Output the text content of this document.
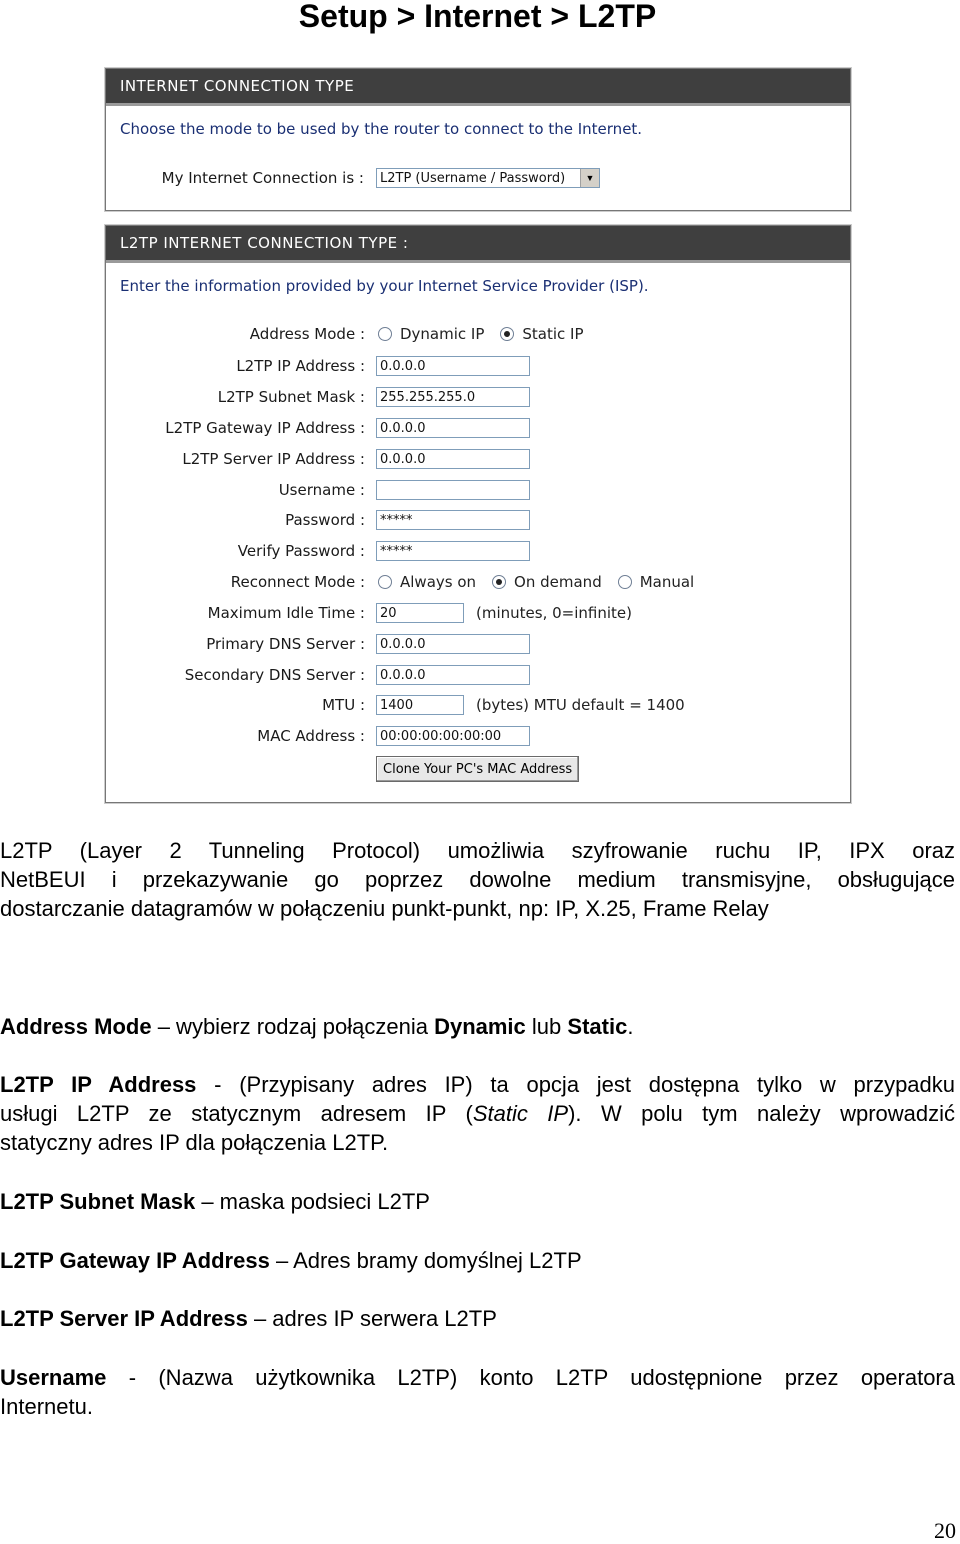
Setup > Internet > L2TP
INTERNET CONNECTION TYPE
Choose the mode to be used by the router to connect to the Internet.
My Internet Connection is : L2TP (Username / Password)	▼
L2TP INTERNET CONNECTION TYPE :
Enter the information provided by your Internet Service Provider (ISP).
Address Mode : Dynamic IP	Static IP
L2TP IP Address :	0.0.0.0
L2TP Subnet Mask :	255.255.255.0
L2TP Gateway IP Address :	0.0.0.0
L2TP Server IP Address :	0.0.0.0
Username :
Password :	*****
Verify Password :	*****
Reconnect Mode : Always on	On demand	Manual
Maximum Idle Time :	20	(minutes, 0=infinite)
Primary DNS Server :	0.0.0.0
Secondary DNS Server :	0.0.0.0
MTU :	1400	(bytes) MTU default = 1400
MAC Address :	00:00:00:00:00:00
Clone Your PC's MAC Address
L2TP (Layer 2 Tunneling Protocol) umożliwia szyfrowanie ruchu IP, IPX oraz
NetBEUI i przekazywanie go poprzez dowolne medium transmisyjne, obsługujące
dostarczanie datagramów w połączeniu punkt-punkt, np: IP, X.25, Frame Relay
Address Mode – wybierz rodzaj połączenia Dynamic lub Static.
L2TP IP Address - (Przypisany adres IP) ta opcja jest dostępna tylko w przypadku
usługi L2TP ze statycznym adresem IP (Static IP). W polu tym należy wprowadzić
statyczny adres IP dla połączenia L2TP.
L2TP Subnet Mask – maska podsieci L2TP
L2TP Gateway IP Address – Adres bramy domyślnej L2TP
L2TP Server IP Address – adres IP serwera L2TP
Username - (Nazwa użytkownika L2TP) konto L2TP udostępnione przez operatora
Internetu.
20
